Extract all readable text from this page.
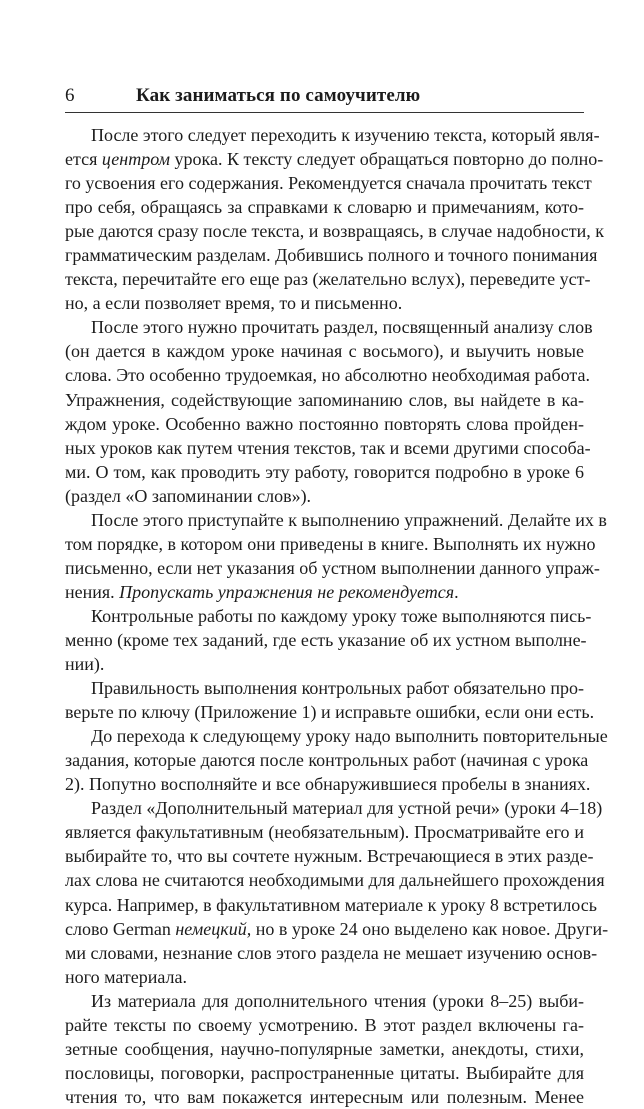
6	Как заниматься по самоучителю
После этого следует переходить к изучению текста, который явля-
ется центром урока. К тексту следует обращаться повторно до полно-
го усвоения его содержания. Рекомендуется сначала прочитать текст
про себя, обращаясь за справками к словарю и примечаниям, кото-
рые даются сразу после текста, и возвращаясь, в случае надобности, к
грамматическим разделам. Добившись полного и точного понимания
текста, перечитайте его еще раз (желательно вслух), переведите уст-
но, а если позволяет время, то и письменно.
После этого нужно прочитать раздел, посвященный анализу слов
(он дается в каждом уроке начиная с восьмого), и выучить новые
слова. Это особенно трудоемкая, но абсолютно необходимая работа.
Упражнения, содействующие запоминанию слов, вы найдете в ка-
ждом уроке. Особенно важно постоянно повторять слова пройден-
ных уроков как путем чтения текстов, так и всеми другими способа-
ми. О том, как проводить эту работу, говорится подробно в уроке 6
(раздел «О запоминании слов»).
После этого приступайте к выполнению упражнений. Делайте их в
том порядке, в котором они приведены в книге. Выполнять их нужно
письменно, если нет указания об устном выполнении данного упраж-
нения. Пропускать упражнения не рекомендуется.
Контрольные работы по каждому уроку тоже выполняются пись-
менно (кроме тех заданий, где есть указание об их устном выполне-
нии).
Правильность выполнения контрольных работ обязательно про-
верьте по ключу (Приложение 1) и исправьте ошибки, если они есть.
До перехода к следующему уроку надо выполнить повторительные
задания, которые даются после контрольных работ (начиная с урока
2). Попутно восполняйте и все обнаружившиеся пробелы в знаниях.
Раздел «Дополнительный материал для устной речи» (уроки 4–18)
является факультативным (необязательным). Просматривайте его и
выбирайте то, что вы сочтете нужным. Встречающиеся в этих разде-
лах слова не считаются необходимыми для дальнейшего прохождения
курса. Например, в факультативном материале к уроку 8 встретилось
слово German немецкий, но в уроке 24 оно выделено как новое. Други-
ми словами, незнание слов этого раздела не мешает изучению основ-
ного материала.
Из материала для дополнительного чтения (уроки 8–25) выби-
райте тексты по своему усмотрению. В этот раздел включены га-
зетные сообщения, научно-популярные заметки, анекдоты, стихи,
пословицы, поговорки, распространенные цитаты. Выбирайте для
чтения то, что вам покажется интересным или полезным. Менее
